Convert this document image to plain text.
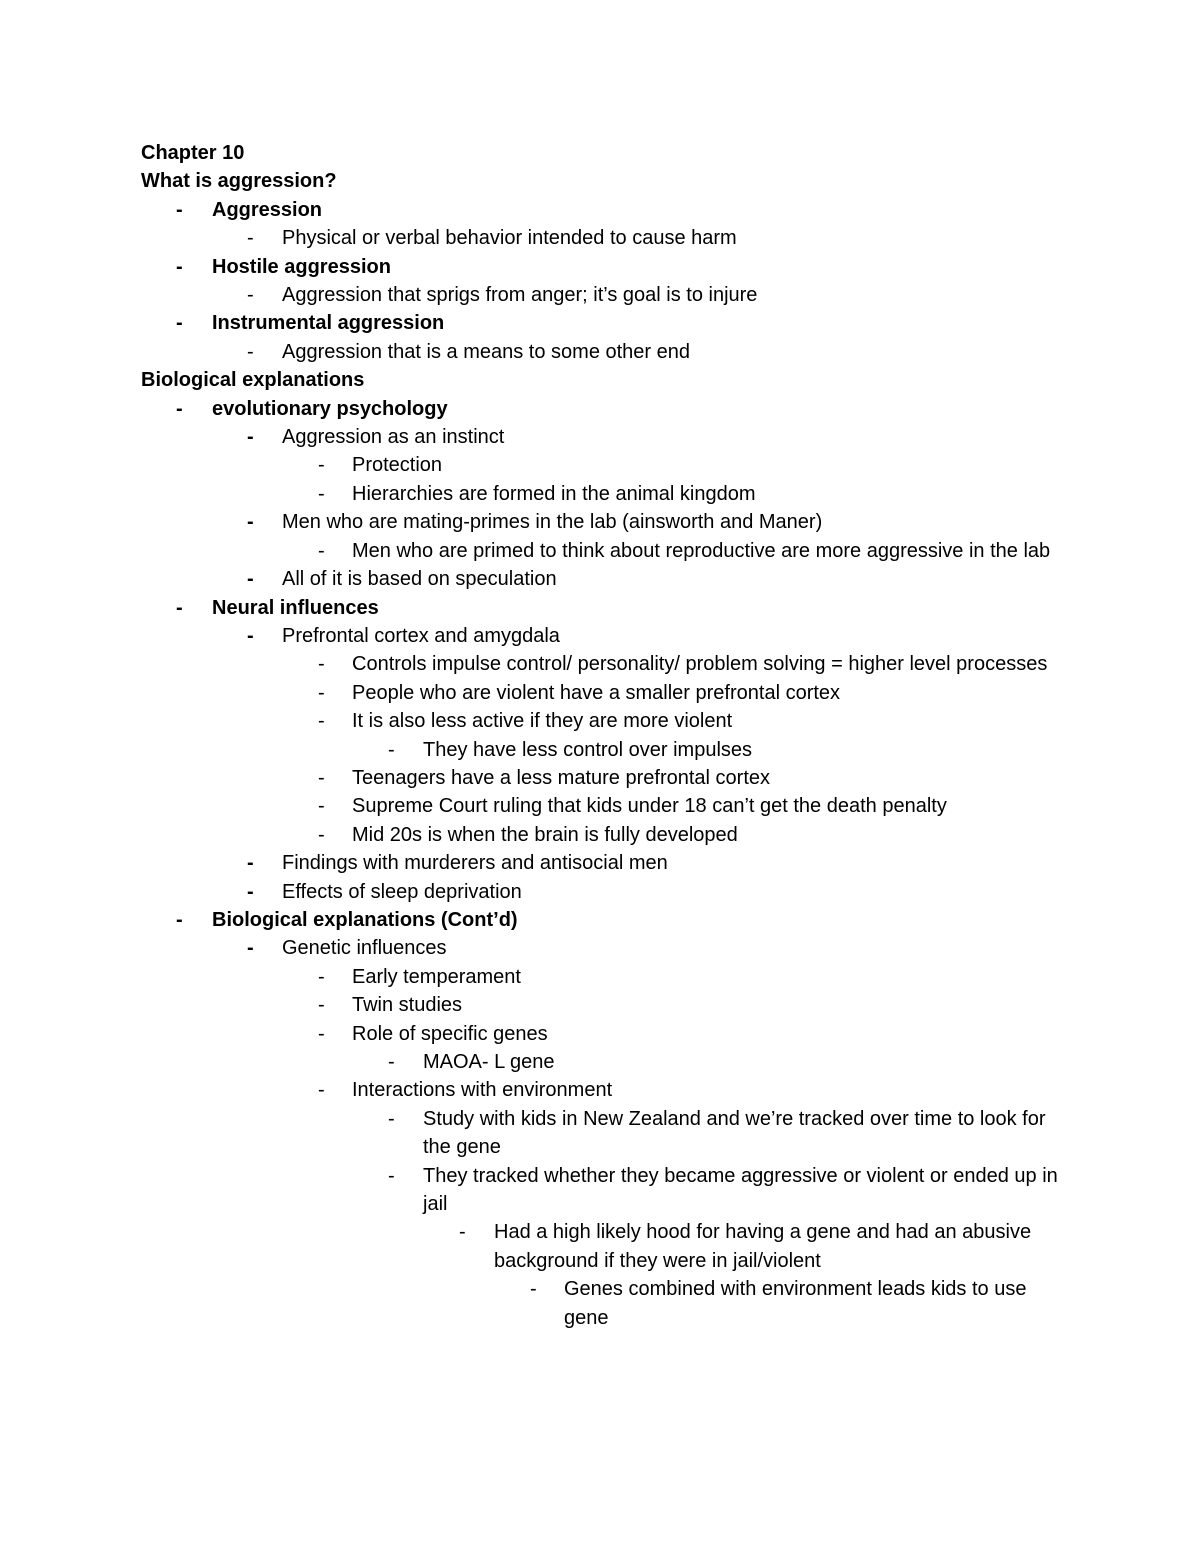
Chapter 10
What is aggression?
- Aggression
- Physical or verbal behavior intended to cause harm
- Hostile aggression
- Aggression that sprigs from anger; it’s goal is to injure
- Instrumental aggression
- Aggression that is a means to some other end
Biological explanations
- evolutionary psychology
- Aggression as an instinct
- Protection
- Hierarchies are formed in the animal kingdom
- Men who are mating-primes in the lab (ainsworth and Maner)
- Men who are primed to think about reproductive are more aggressive in the lab
- All of it is based on speculation
- Neural influences
- Prefrontal cortex and amygdala
- Controls impulse control/ personality/ problem solving = higher level processes
- People who are violent have a smaller prefrontal cortex
- It is also less active if they are more violent
- They have less control over impulses
- Teenagers have a less mature prefrontal cortex
- Supreme Court ruling that kids under 18 can’t get the death penalty
- Mid 20s is when the brain is fully developed
- Findings with murderers and antisocial men
- Effects of sleep deprivation
- Biological explanations (Cont’d)
- Genetic influences
- Early temperament
- Twin studies
- Role of specific genes
- MAOA- L gene
- Interactions with environment
- Study with kids in New Zealand and we’re tracked over time to look for the gene
- They tracked whether they became aggressive or violent or ended up in jail
- Had a high likely hood for having a gene and had an abusive background if they were in jail/violent
- Genes combined with environment leads kids to use gene
